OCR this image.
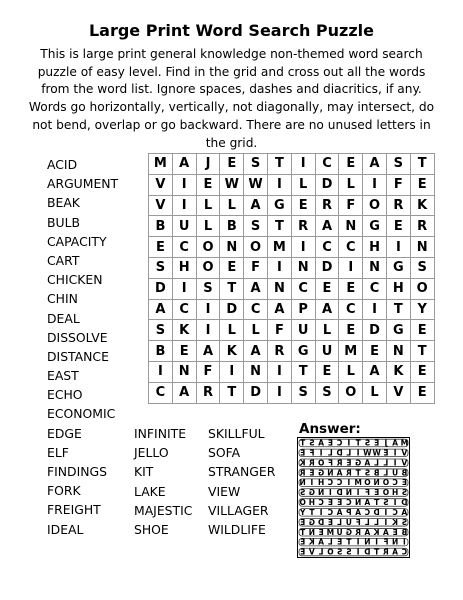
Large Print Word Search Puzzle
This is large print general knowledge non-themed word search puzzle of easy level. Find in the grid and cross out all the words from the word list. Ignore spaces, dashes and diacritics, if any. Words go horizontally, vertically, not diagonally, may intersect, do not bend, overlap or go backward. There are no unused letters in the grid.
ACID
ARGUMENT
BEAK
BULB
CAPACITY
CART
CHICKEN
CHIN
DEAL
DISSOLVE
DISTANCE
EAST
ECHO
ECONOMIC
EDGE
ELF
FINDINGS
FORK
FREIGHT
IDEAL
INFINITE
JELLO
KIT
LAKE
MAJESTIC
SHOE
SKILLFUL
SOFA
STRANGER
VIEW
VILLAGER
WILDLIFE
M	A	J	E	S	T	I	C	E	A	S	T
V	I	E	W	W	I	L	D	L	I	F	E
V	I	L	L	A	G	E	R	F	O	R	K
B	U	L	B	S	T	R	A	N	G	E	R
E	C	O	N	O	M	I	C	C	H	I	N
S	H	O	E	F	I	N	D	I	N	G	S
D	I	S	T	A	N	C	E	E	C	H	O
A	C	I	D	C	A	P	A	C	I	T	Y
S	K	I	L	L	F	U	L	E	D	G	E
B	E	A	K	A	R	G	U	M	E	N	T
I	N	F	I	N	I	T	E	L	A	K	E
C	A	R	T	D	I	S	S	O	L	V	E
Answer:
T S A E C I T S E J A M
E F I L D L I W W E I V
K R O F R E G A L L I V
R E G N A R T S B L U B
N I H C C I M O N O C E
S G N I D N I F E O H S
O H C E E C N A T S I D
Y T I C A P A C D I C A
E G D E L U F L L I K S
T N E M U G R A K A E B
E K A L E T I N I F N I
E V L O S S I D T R A C
